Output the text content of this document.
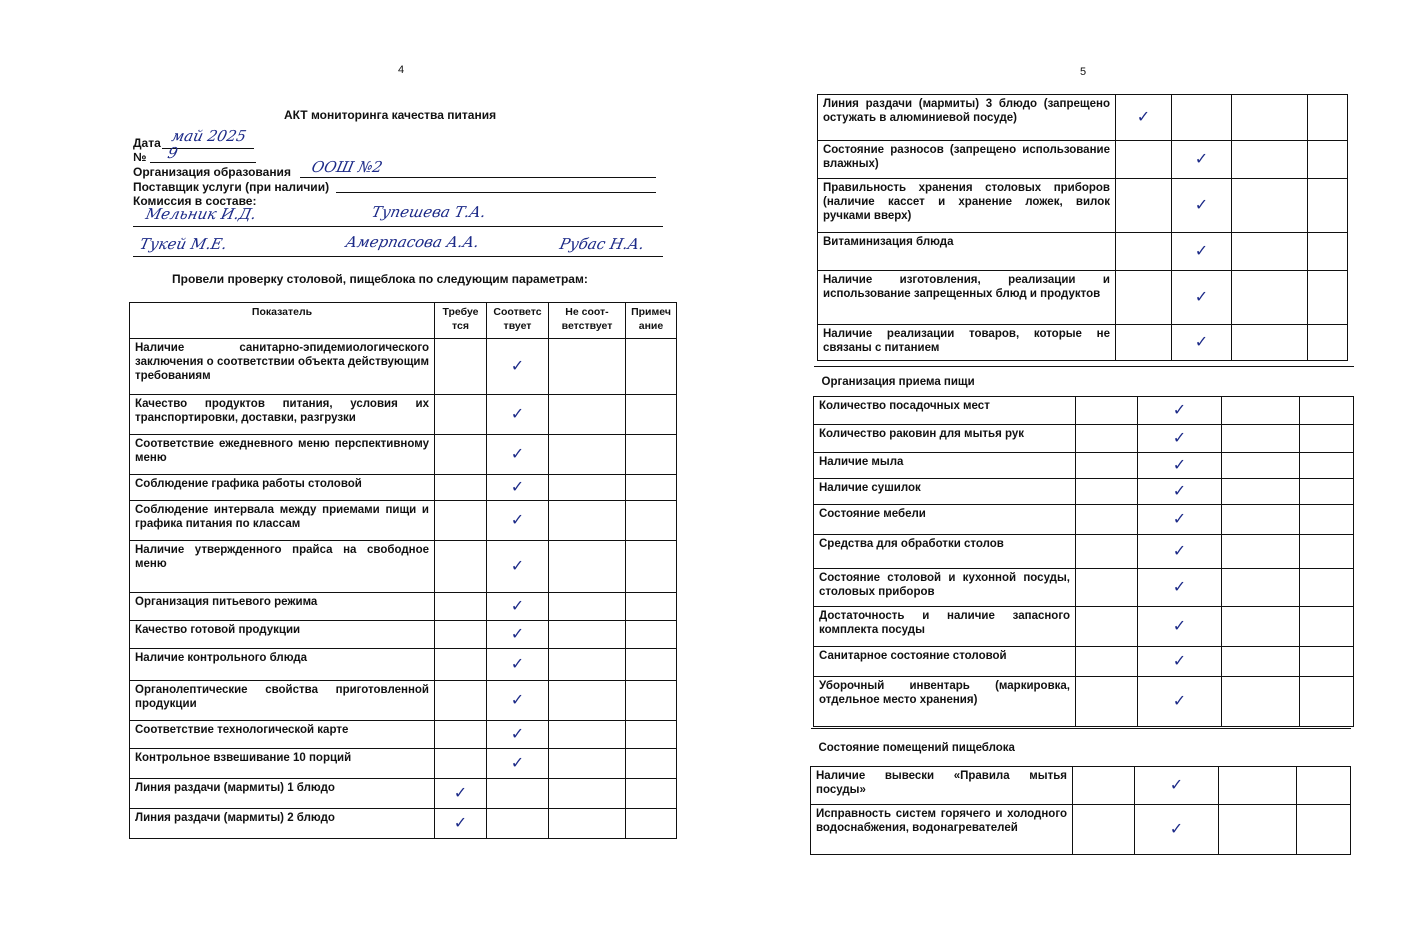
4
АКТ мониторинга качества питания
Дата май 2025
№ 9
Организация образования ООШ №2
Поставщик услуги (при наличии)
Комиссия в составе:
Мельник И.Д.	Тупешева Т.А.
Тукей М.Е.	Амерпасова А.А.	Рубас Н.А.
Провели проверку столовой, пищеблока по следующим параметрам:
Показатель	Требуе тся	Соответс твует	Не соот-ветствует	Примеч ание
Наличие санитарно-эпидемиологического заключения о соответствии объекта действующим требованиям		✓		
Качество продуктов питания, условия их транспортировки, доставки, разгрузки		✓		
Соответствие ежедневного меню перспективному меню		✓		
Соблюдение графика работы столовой		✓		
Соблюдение интервала между приемами пищи и графика питания по классам		✓		
Наличие утвержденного прайса на свободное меню		✓		
Организация питьевого режима		✓		
Качество готовой продукции		✓		
Наличие контрольного блюда		✓		
Органолептические свойства приготовленной продукции		✓		
Соответствие технологической карте		✓		
Контрольное взвешивание 10 порций		✓		
Линия раздачи (мармиты) 1 блюдо	✓			
Линия раздачи (мармиты) 2 блюдо	✓			
5
Линия раздачи (мармиты) 3 блюдо (запрещено остужать в алюминиевой посуде)	✓			
Состояние разносов (запрещено использование влажных)		✓		
Правильность хранения столовых приборов (наличие кассет и хранение ложек, вилок ручками вверх)		✓		
Витаминизация блюда		✓		
Наличие изготовления, реализации и использование запрещенных блюд и продуктов		✓		
Наличие реализации товаров, которые не связаны с питанием		✓		
Организация приема пищи				
Количество посадочных мест		✓		
Количество раковин для мытья рук		✓		
Наличие мыла		✓		
Наличие сушилок		✓		
Состояние мебели		✓		
Средства для обработки столов		✓		
Состояние столовой и кухонной посуды, столовых приборов		✓		
Достаточность и наличие запасного комплекта посуды		✓		
Санитарное состояние столовой		✓		
Уборочный инвентарь (маркировка, отдельное место хранения)		✓		
Состояние помещений пищеблока				
Наличие вывески «Правила мытья посуды»		✓		
Исправность систем горячего и холодного водоснабжения, водонагревателей		✓		
